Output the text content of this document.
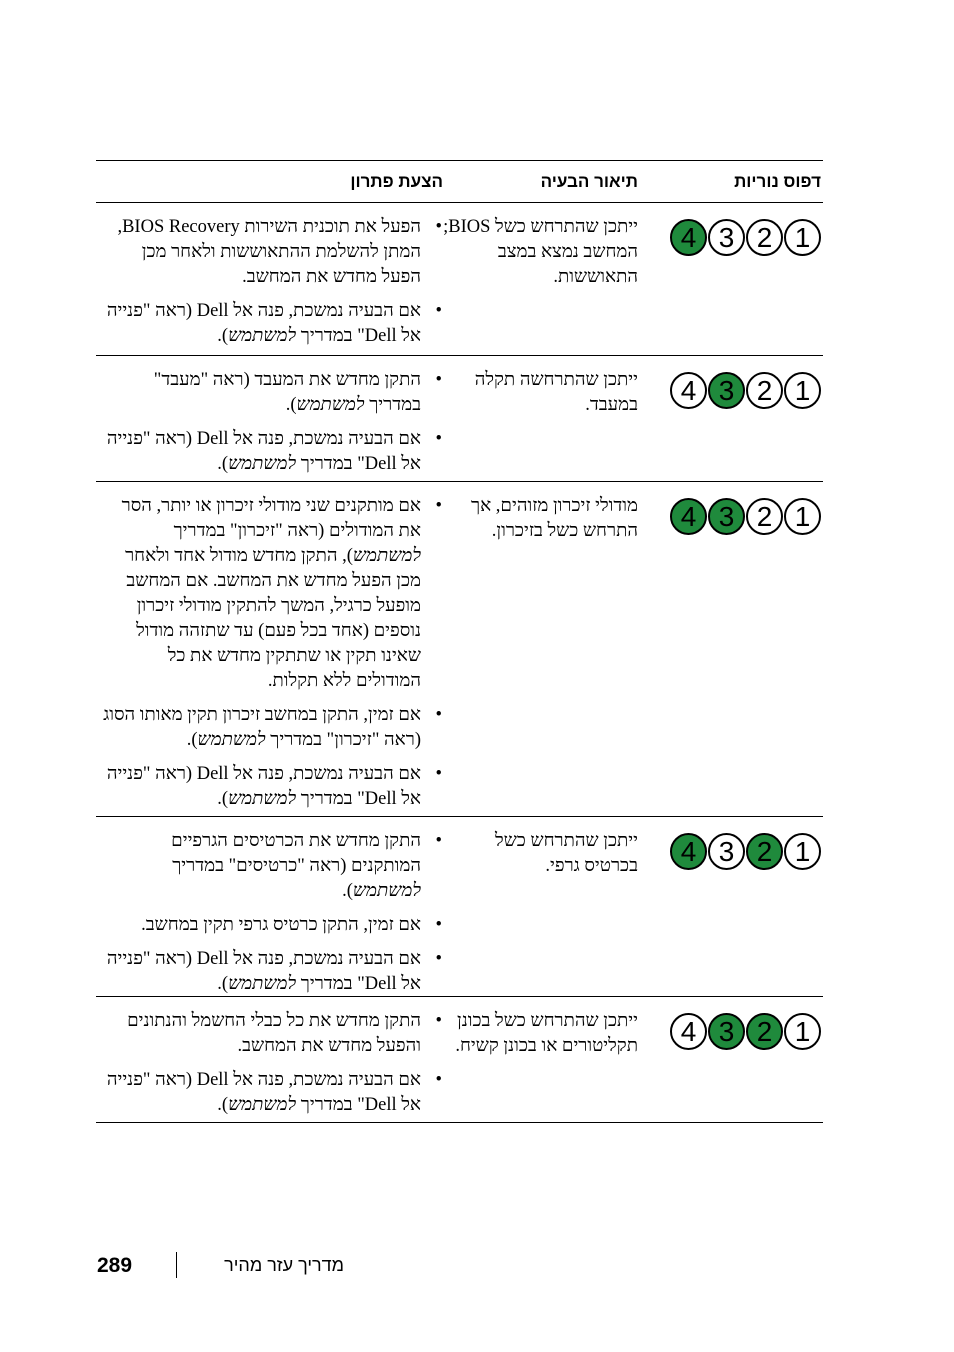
דפוס נוריות
תיאור הבעיה
הצעת פתרון
1
2
3
4
ייתכן שהתרחש כשל BIOS; המחשב נמצא במצב התאוששות.
• הפעל את תוכנית השירות BIOS Recovery, המתן להשלמת ההתאוששות ולאחר מכן הפעל מחדש את המחשב.
• אם הבעיה נמשכת, פנה אל Dell (ראה "פנייה אל Dell" במדריך למשתמש).
1
2
3
4
ייתכן שהתרחשה תקלה במעבד.
• התקן מחדש את המעבד (ראה "מעבד" במדריך למשתמש).
• אם הבעיה נמשכת, פנה אל Dell (ראה "פנייה אל Dell" במדריך למשתמש).
1
2
3
4
מודולי זיכרון מזוהים, אך התרחש כשל בזיכרון.
• אם מותקנים שני מודולי זיכרון או יותר, הסר את המודולים (ראה "זיכרון" במדריך למשתמש), התקן מחדש מודול אחד ולאחר מכן הפעל מחדש את המחשב. אם המחשב מופעל כרגיל, המשך להתקין מודולי זיכרון נוספים (אחד בכל פעם) עד שתזהה מודול שאינו תקין או שתתקין מחדש את כל המודולים ללא תקלות.
• אם זמין, התקן במחשב זיכרון תקין מאותו הסוג (ראה "זיכרון" במדריך למשתמש).
• אם הבעיה נמשכת, פנה אל Dell (ראה "פנייה אל Dell" במדריך למשתמש).
1
2
3
4
ייתכן שהתרחש כשל בכרטיס גרפי.
• התקן מחדש את הכרטיסים הגרפיים המותקנים (ראה "כרטיסים" במדריך למשתמש).
• אם זמין, התקן כרטיס גרפי תקין במחשב.
• אם הבעיה נמשכת, פנה אל Dell (ראה "פנייה אל Dell" במדריך למשתמש).
1
2
3
4
ייתכן שהתרחש כשל בכונן תקליטורים או בכונן קשיח.
• התקן מחדש את כל כבלי החשמל והנתונים והפעל מחדש את המחשב.
• אם הבעיה נמשכת, פנה אל Dell (ראה "פנייה אל Dell" במדריך למשתמש).
מדריך עזר מהיר
289
